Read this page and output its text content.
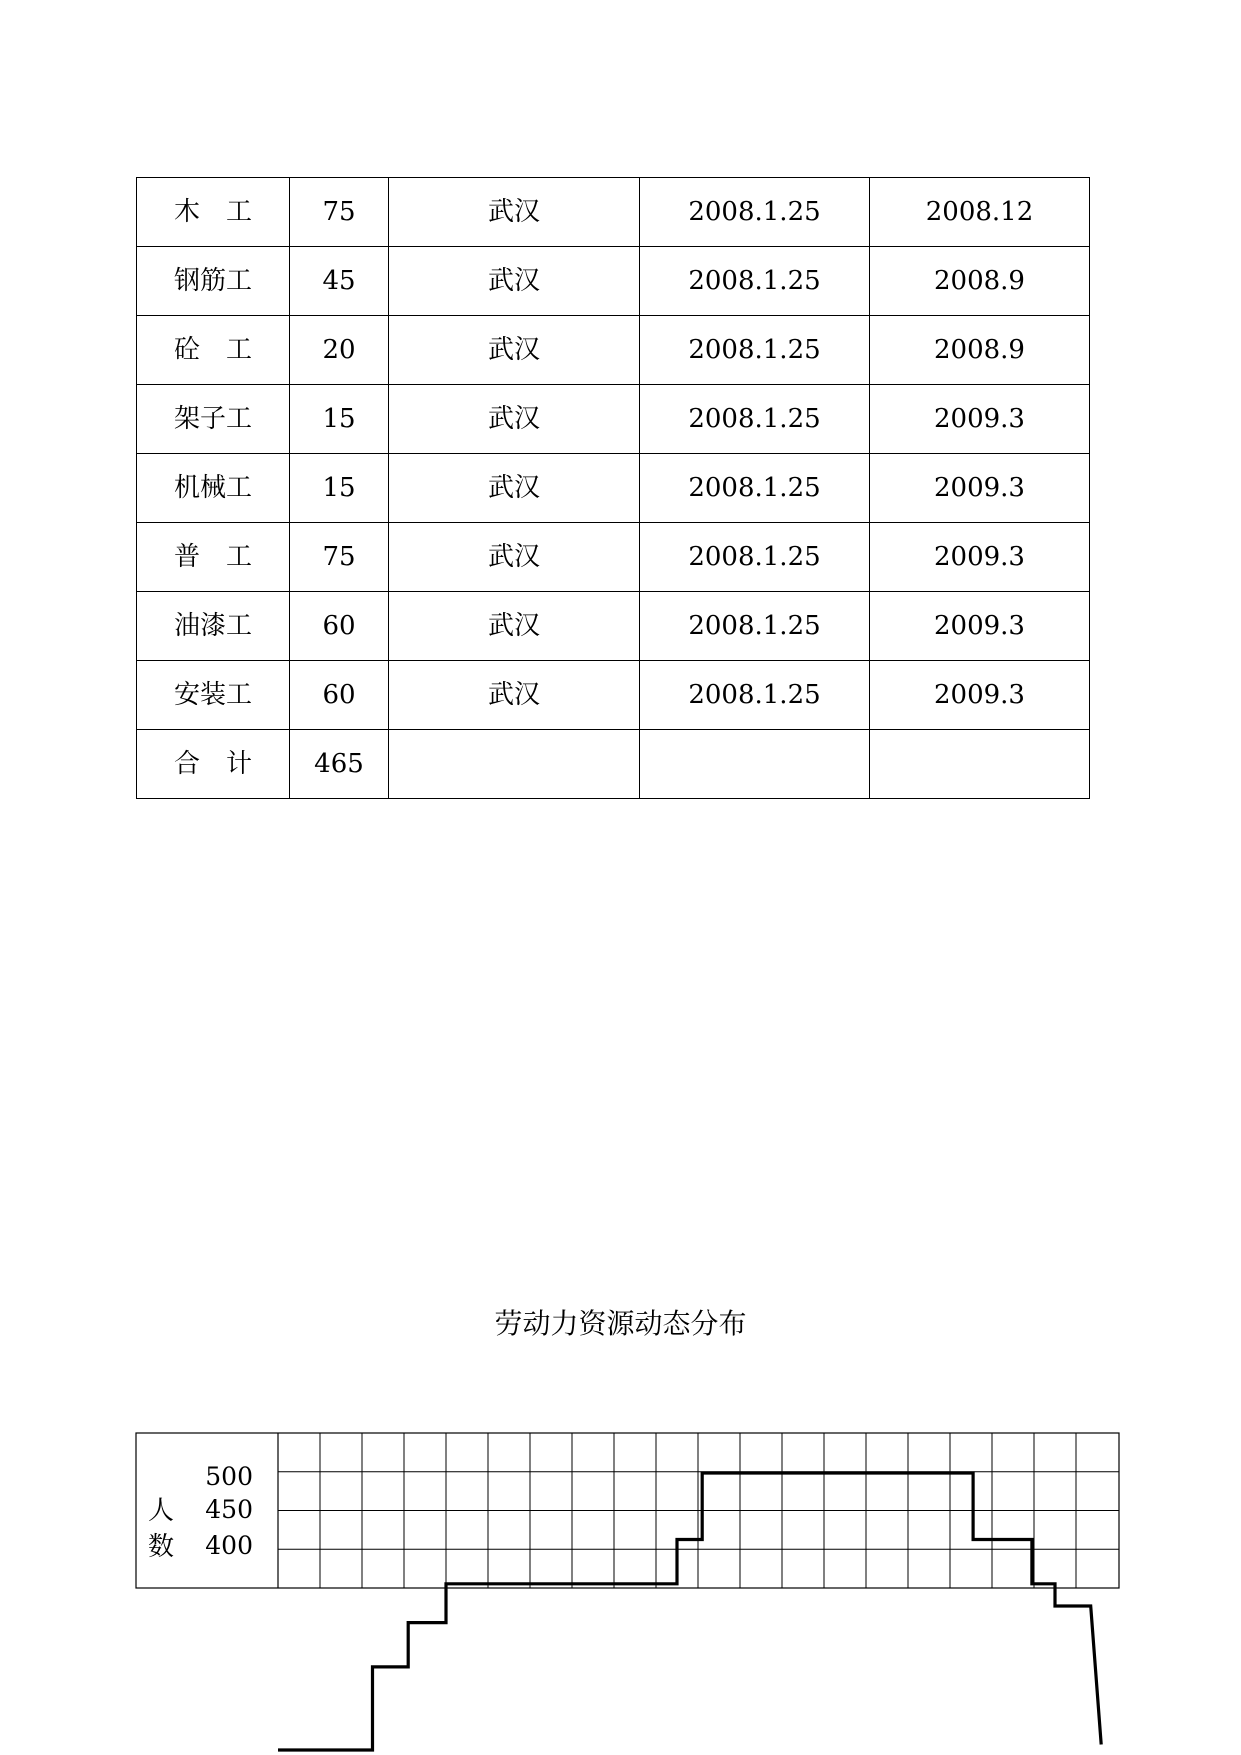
木　工	75	武汉	2008.1.25	2008.12
钢筋工	45	武汉	2008.1.25	2008.9
砼　工	20	武汉	2008.1.25	2008.9
架子工	15	武汉	2008.1.25	2009.3
机械工	15	武汉	2008.1.25	2009.3
普　工	75	武汉	2008.1.25	2009.3
油漆工	60	武汉	2008.1.25	2009.3
安装工	60	武汉	2008.1.25	2009.3
合　计	465			
劳动力资源动态分布
人
数
500
450
400
